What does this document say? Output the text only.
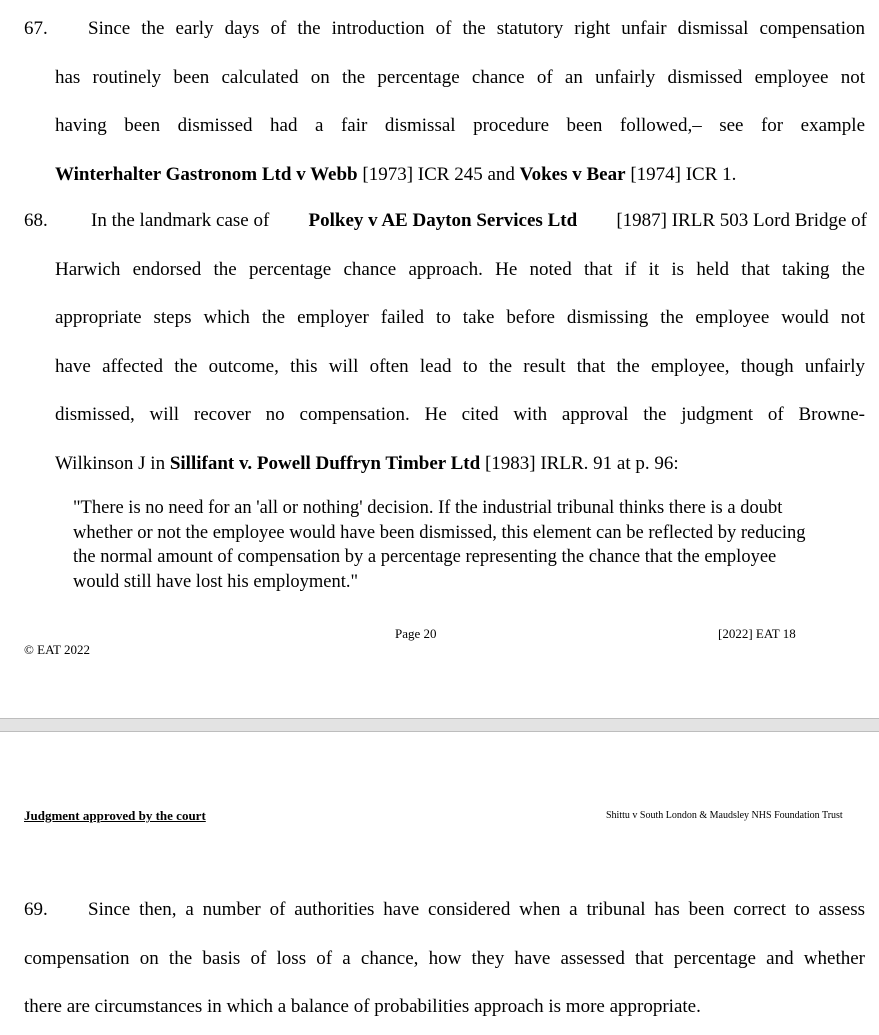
67. Since the early days of the introduction of the statutory right unfair dismissal compensation
has routinely been calculated on the percentage chance of an unfairly dismissed employee not
having been dismissed had a fair dismissal procedure been followed,– see for example
Winterhalter Gastronom Ltd v Webb [1973] ICR 245 and Vokes v Bear [1974] ICR 1.
68. In the landmark case of Polkey v AE Dayton Services Ltd [1987] IRLR 503 Lord Bridge of
Harwich endorsed the percentage chance approach. He noted that if it is held that taking the
appropriate steps which the employer failed to take before dismissing the employee would not
have affected the outcome, this will often lead to the result that the employee, though unfairly
dismissed, will recover no compensation. He cited with approval the judgment of Browne-
Wilkinson J in Sillifant v. Powell Duffryn Timber Ltd [1983] IRLR. 91 at p. 96:
"There is no need for an 'all or nothing' decision. If the industrial tribunal thinks there is a doubt whether or not the employee would have been dismissed, this element can be reflected by reducing the normal amount of compensation by a percentage representing the chance that the employee would still have lost his employment."
Page 20	[2022] EAT 18
© EAT 2022
Judgment approved by the court	Shittu v South London & Maudsley NHS Foundation Trust
69. Since then, a number of authorities have considered when a tribunal has been correct to assess
compensation on the basis of loss of a chance, how they have assessed that percentage and whether
there are circumstances in which a balance of probabilities approach is more appropriate.
